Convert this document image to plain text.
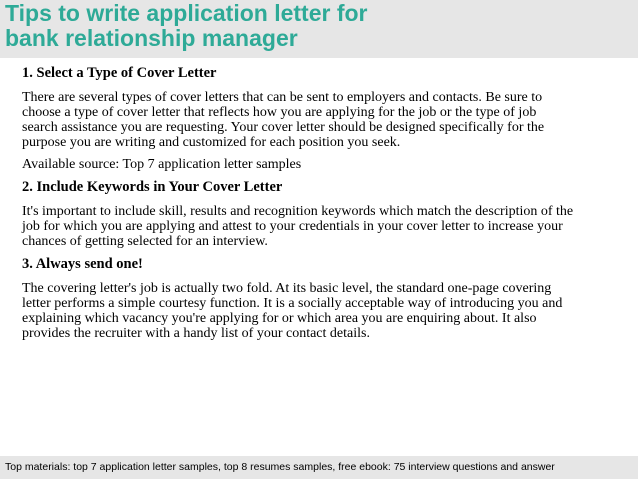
Tips to write application letter for
bank relationship manager
1. Select a Type of Cover Letter
There are several types of cover letters that can be sent to employers and contacts. Be sure to
choose a type of cover letter that reflects how you are applying for the job or the type of job
search assistance you are requesting. Your cover letter should be designed specifically for the
purpose you are writing and customized for each position you seek.
Available source: Top 7 application letter samples
2. Include Keywords in Your Cover Letter
It's important to include skill, results and recognition keywords which match the description of the
job for which you are applying and attest to your credentials in your cover letter to increase your
chances of getting selected for an interview.
3. Always send one!
The covering letter's job is actually two fold. At its basic level, the standard one-page covering
letter performs a simple courtesy function. It is a socially acceptable way of introducing you and
explaining which vacancy you're applying for or which area you are enquiring about. It also
provides the recruiter with a handy list of your contact details.
Top materials: top 7 application letter samples, top 8 resumes samples, free ebook: 75 interview questions and answer
